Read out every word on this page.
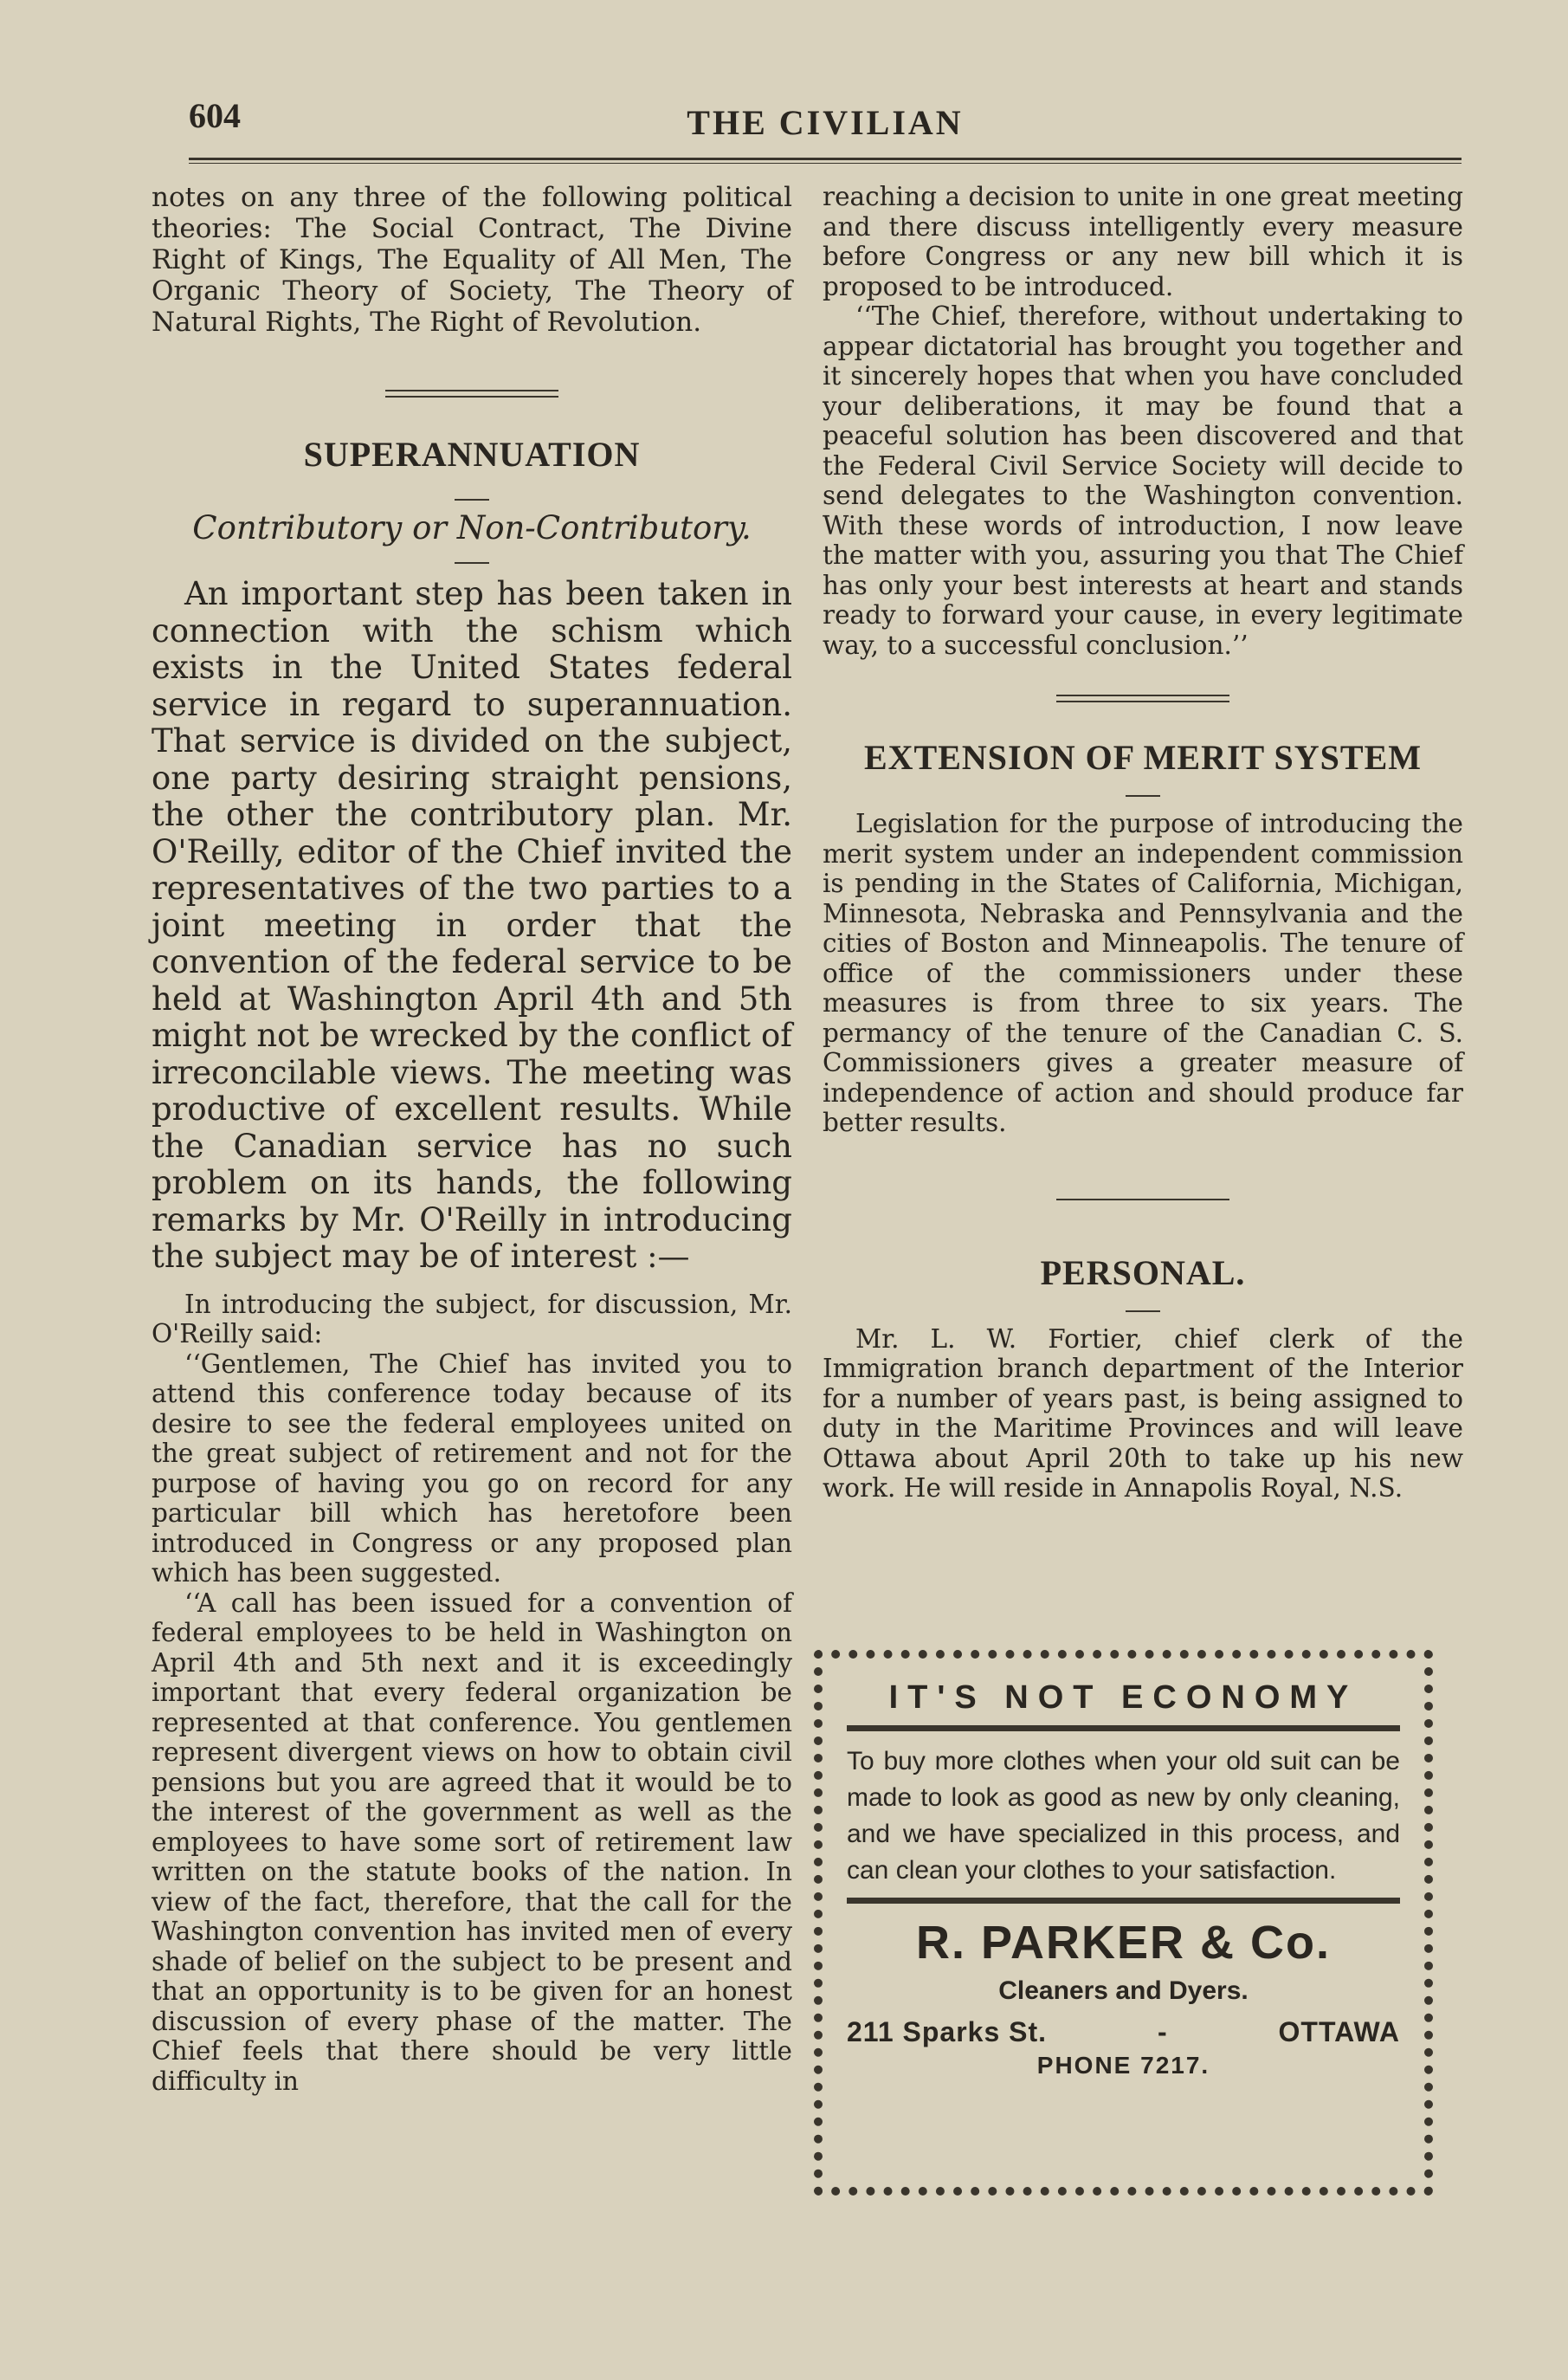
604	THE CIVILIAN

notes on any three of the following political theories: The Social Contract, The Divine Right of Kings, The Equality of All Men, The Organic Theory of Society, The Theory of Natural Rights, The Right of Revolution.

SUPERANNUATION
Contributory or Non-Contributory.

An important step has been taken in connection with the schism which exists in the United States federal service in regard to superannuation. That service is divided on the subject, one party desiring straight pensions, the other the contributory plan. Mr. O'Reilly, editor of the Chief invited the representatives of the two parties to a joint meeting in order that the convention of the federal service to be held at Washington April 4th and 5th might not be wrecked by the conflict of irreconcilable views. The meeting was productive of excellent results. While the Canadian service has no such problem on its hands, the following remarks by Mr. O'Reilly in introducing the subject may be of interest :—

In introducing the subject, for discussion, Mr. O'Reilly said:

‘‘Gentlemen, The Chief has invited you to attend this conference today because of its desire to see the federal employees united on the great subject of retirement and not for the purpose of having you go on record for any particular bill which has heretofore been introduced in Congress or any proposed plan which has been suggested.

‘‘A call has been issued for a convention of federal employees to be held in Washington on April 4th and 5th next and it is exceedingly important that every federal organization be represented at that conference. You gentlemen represent divergent views on how to obtain civil pensions but you are agreed that it would be to the interest of the government as well as the employees to have some sort of retirement law written on the statute books of the nation. In view of the fact, therefore, that the call for the Washington convention has invited men of every shade of belief on the subject to be present and that an opportunity is to be given for an honest discussion of every phase of the matter. The Chief feels that there should be very little difficulty in

reaching a decision to unite in one great meeting and there discuss intelligently every measure before Congress or any new bill which it is proposed to be introduced.

‘‘The Chief, therefore, without undertaking to appear dictatorial has brought you together and it sincerely hopes that when you have concluded your deliberations, it may be found that a peaceful solution has been discovered and that the Federal Civil Service Society will decide to send delegates to the Washington convention. With these words of introduction, I now leave the matter with you, assuring you that The Chief has only your best interests at heart and stands ready to forward your cause, in every legitimate way, to a successful conclusion.’’

EXTENSION OF MERIT SYSTEM

Legislation for the purpose of introducing the merit system under an independent commission is pending in the States of California, Michigan, Minnesota, Nebraska and Pennsylvania and the cities of Boston and Minneapolis. The tenure of office of the commissioners under these measures is from three to six years. The permancy of the tenure of the Canadian C. S. Commissioners gives a greater measure of independence of action and should produce far better results.

PERSONAL.

Mr. L. W. Fortier, chief clerk of the Immigration branch department of the Interior for a number of years past, is being assigned to duty in the Maritime Provinces and will leave Ottawa about April 20th to take up his new work. He will reside in Annapolis Royal, N.S.

IT'S NOT ECONOMY
To buy more clothes when your old suit can be made to look as good as new by only cleaning, and we have specialized in this process, and can clean your clothes to your satisfaction.
R. PARKER & Co.
Cleaners and Dyers.
211 Sparks St.	-	OTTAWA
PHONE 7217.
